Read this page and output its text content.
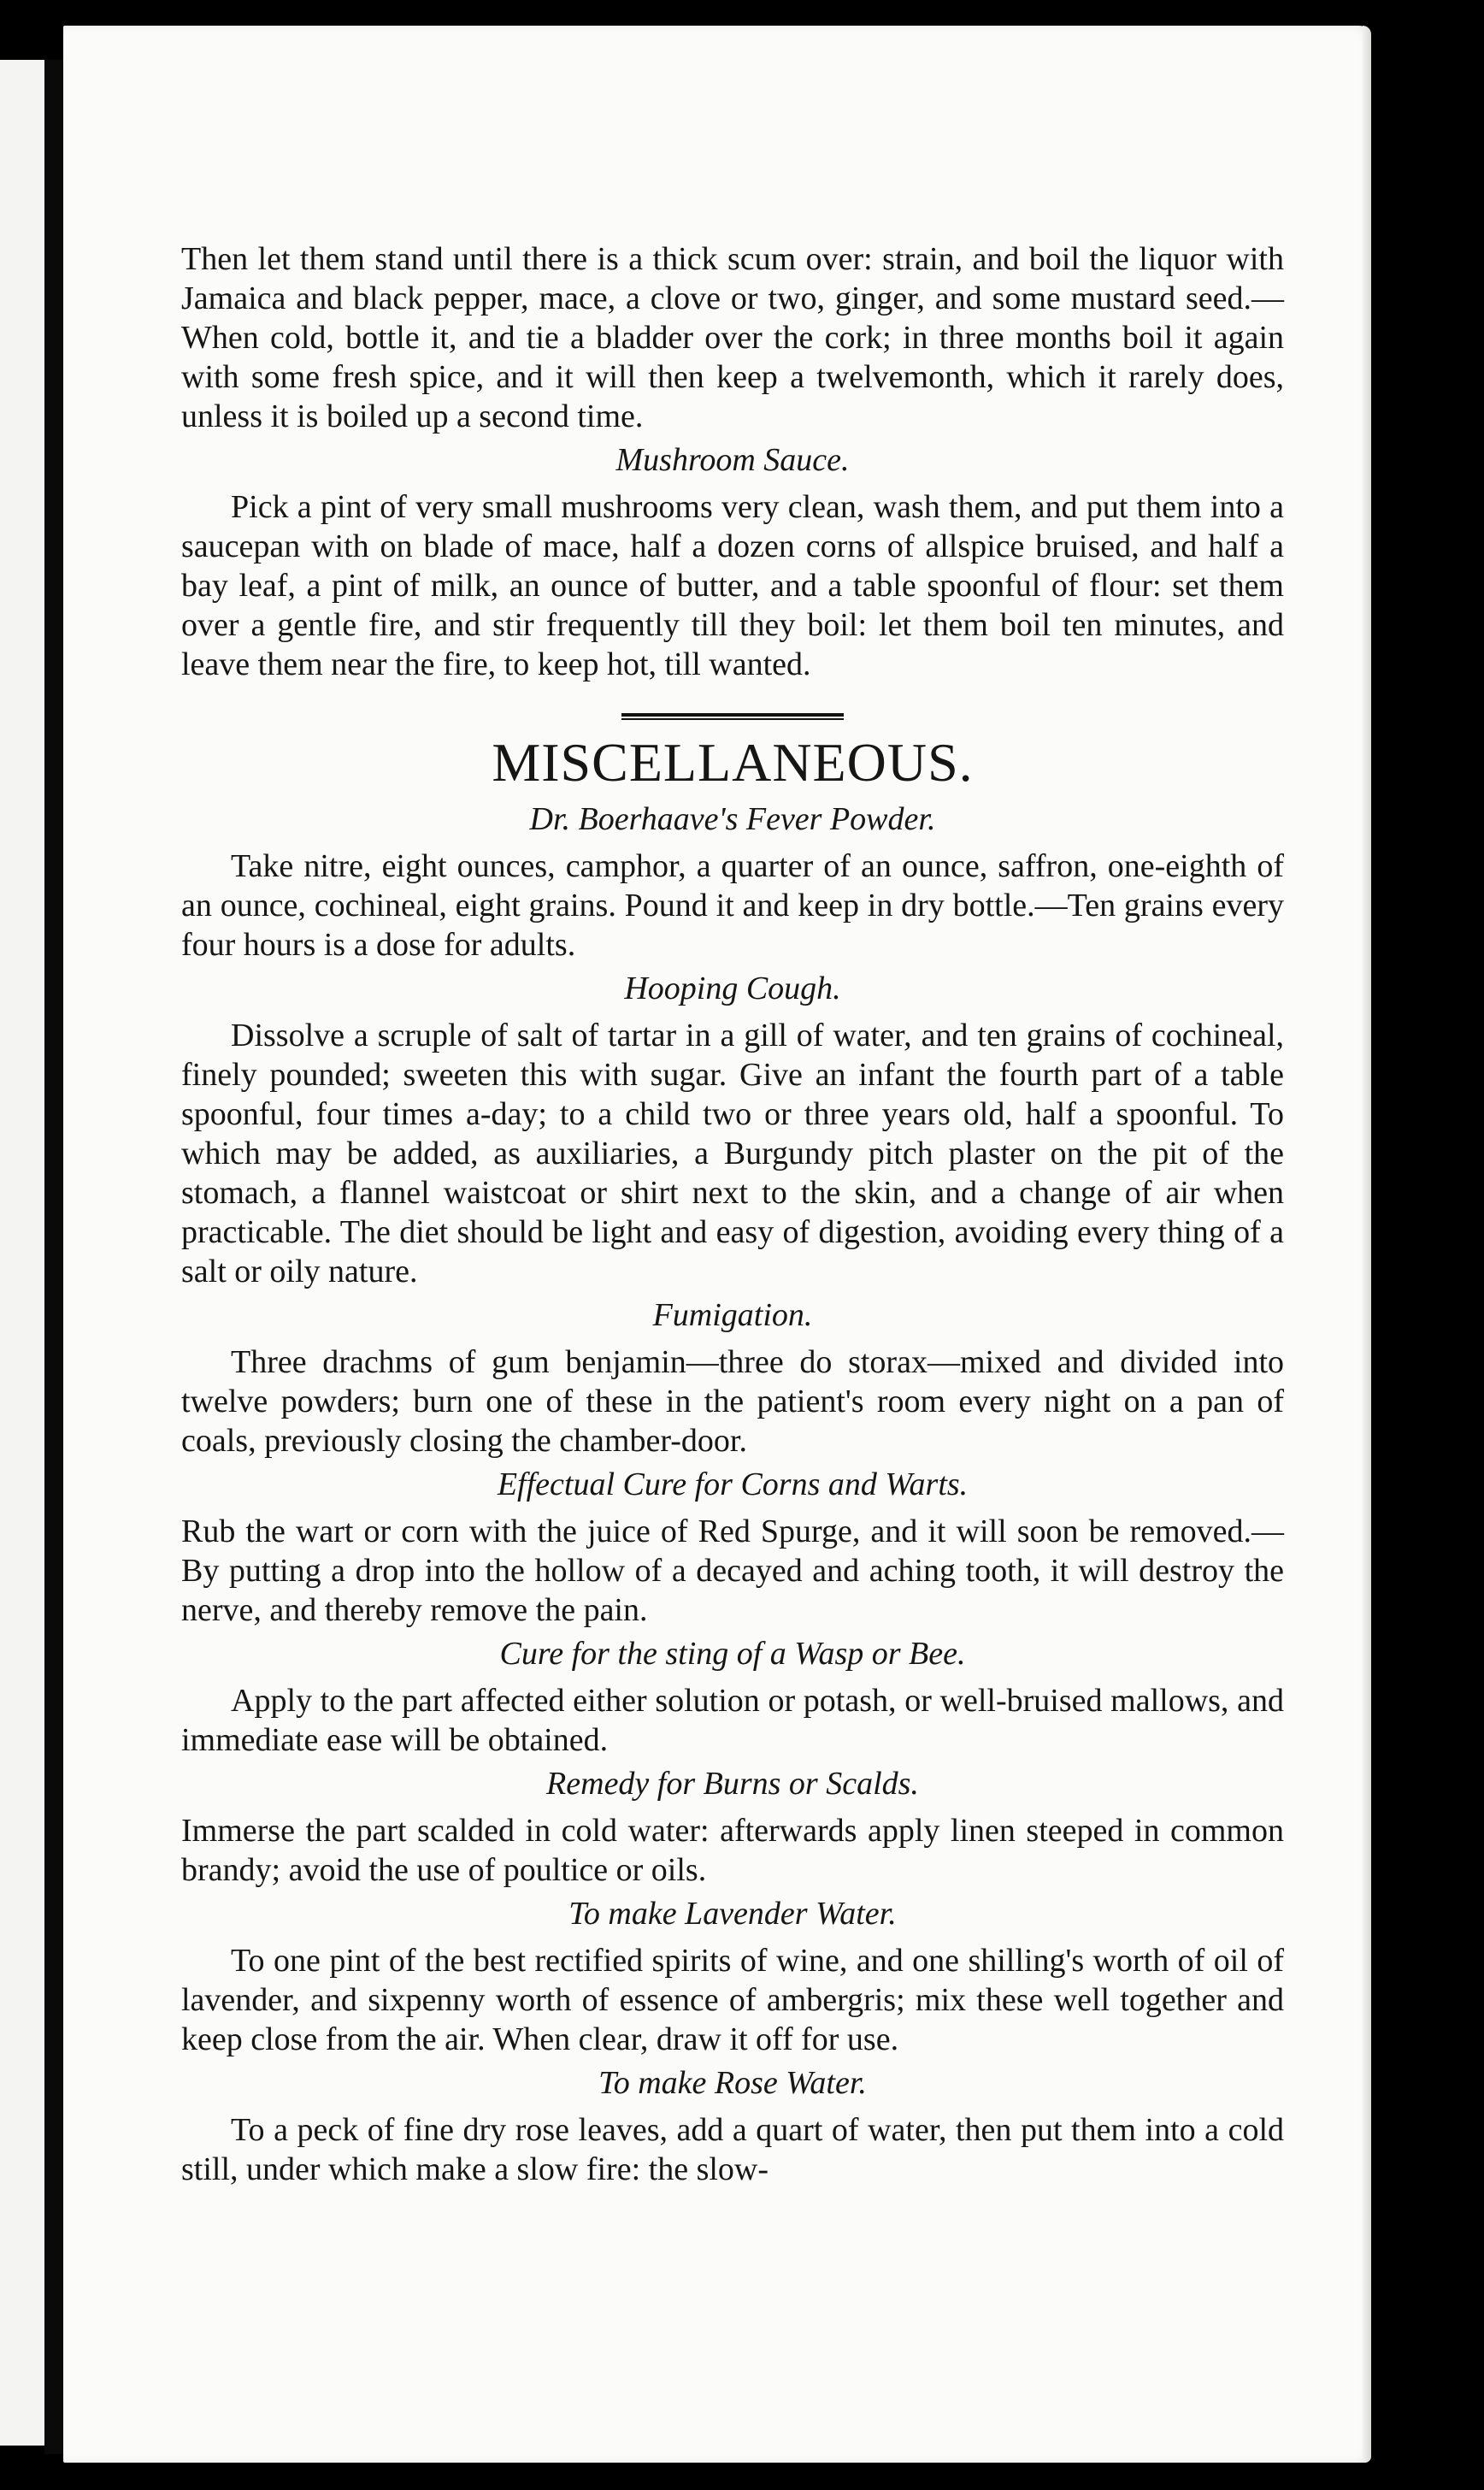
Then let them stand until there is a thick scum over: strain, and boil the liquor with Jamaica and black pepper, mace, a clove or two, ginger, and some mustard seed.—When cold, bottle it, and tie a bladder over the cork; in three months boil it again with some fresh spice, and it will then keep a twelvemonth, which it rarely does, unless it is boiled up a second time.

Mushroom Sauce.

Pick a pint of very small mushrooms very clean, wash them, and put them into a saucepan with on blade of mace, half a dozen corns of allspice bruised, and half a bay leaf, a pint of milk, an ounce of butter, and a table spoonful of flour: set them over a gentle fire, and stir frequently till they boil: let them boil ten minutes, and leave them near the fire, to keep hot, till wanted.

MISCELLANEOUS.
Dr. Boerhaave's Fever Powder.

Take nitre, eight ounces, camphor, a quarter of an ounce, saffron, one-eighth of an ounce, cochineal, eight grains. Pound it and keep in dry bottle.—Ten grains every four hours is a dose for adults.

Hooping Cough.

Dissolve a scruple of salt of tartar in a gill of water, and ten grains of cochineal, finely pounded; sweeten this with sugar. Give an infant the fourth part of a table spoonful, four times a-day; to a child two or three years old, half a spoonful. To which may be added, as auxiliaries, a Burgundy pitch plaster on the pit of the stomach, a flannel waistcoat or shirt next to the skin, and a change of air when practicable. The diet should be light and easy of digestion, avoiding every thing of a salt or oily nature.

Fumigation.

Three drachms of gum benjamin—three do storax—mixed and divided into twelve powders; burn one of these in the patient's room every night on a pan of coals, previously closing the chamber-door.

Effectual Cure for Corns and Warts.

Rub the wart or corn with the juice of Red Spurge, and it will soon be removed.—By putting a drop into the hollow of a decayed and aching tooth, it will destroy the nerve, and thereby remove the pain.

Cure for the sting of a Wasp or Bee.

Apply to the part affected either solution or potash, or well-bruised mallows, and immediate ease will be obtained.

Remedy for Burns or Scalds.

Immerse the part scalded in cold water: afterwards apply linen steeped in common brandy; avoid the use of poultice or oils.

To make Lavender Water.

To one pint of the best rectified spirits of wine, and one shilling's worth of oil of lavender, and sixpenny worth of essence of ambergris; mix these well together and keep close from the air. When clear, draw it off for use.

To make Rose Water.

To a peck of fine dry rose leaves, add a quart of water, then put them into a cold still, under which make a slow fire: the slow-
